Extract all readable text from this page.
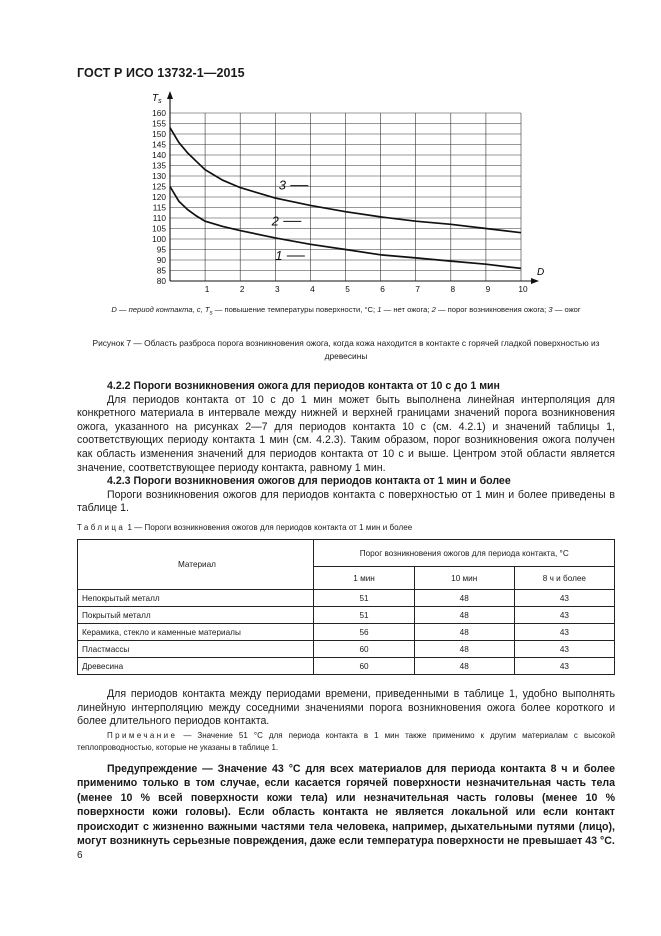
ГОСТ Р ИСО 13732-1—2015
80
85
90
95
100
105
110
115
120
125
130
135
140
145
150
155
160
1	2	3	4	5	6	7	8	9	10
3
2
1
$T_s$
D
D — период контакта, с, $T_s$ — повышение температуры поверхности, °С; 1 — нет ожога; 2 — порог возникновения ожога; 3 — ожог
Рисунок 7 — Область разброса порога возникновения ожога, когда кожа находится в контакте с горячей гладкой поверхностью из древесины
4.2.2 Пороги возникновения ожога для периодов контакта от 10 с до 1 мин
Для периодов контакта от 10 с до 1 мин может быть выполнена линейная интерполяция для конкретного материала в интервале между нижней и верхней границами значений порога возникновения ожога, указанного на рисунках 2—7 для периодов контакта 10 с (см. 4.2.1) и значений таблицы 1, соответствующих периоду контакта 1 мин (см. 4.2.3). Таким образом, порог возникновения ожога получен как область изменения значений для периодов контакта от 10 с и выше. Центром этой области является значение, соответствующее периоду контакта, равному 1 мин.
4.2.3 Пороги возникновения ожогов для периодов контакта от 1 мин и более
Пороги возникновения ожогов для периодов контакта с поверхностью от 1 мин и более приведены в таблице 1.
Таблица 1 — Пороги возникновения ожогов для периодов контакта от 1 мин и более
Материал	Порог возникновения ожогов для периода контакта, °С		
	1 мин	10 мин	8 ч и более
Непокрытый металл	51	48	43
Покрытый металл	51	48	43
Керамика, стекло и каменные материалы	56	48	43
Пластмассы	60	48	43
Древесина	60	48	43
Для периодов контакта между периодами времени, приведенными в таблице 1, удобно выполнять линейную интерполяцию между соседними значениями порога возникновения ожога более короткого и более длительного периодов контакта.
Примечание — Значение 51 °С для периода контакта в 1 мин также применимо к другим материалам с высокой теплопроводностью, которые не указаны в таблице 1.
Предупреждение — Значение 43 °С для всех материалов для периода контакта 8 ч и более применимо только в том случае, если касается горячей поверхности незначительная часть тела (менее 10 % всей поверхности кожи тела) или незначительная часть головы (менее 10 % поверхности кожи головы). Если область контакта не является локальной или если контакт происходит с жизненно важными частями тела человека, например, дыхательными путями (лицо), могут возникнуть серьезные повреждения, даже если температура поверхности не превышает 43 °С.
6
